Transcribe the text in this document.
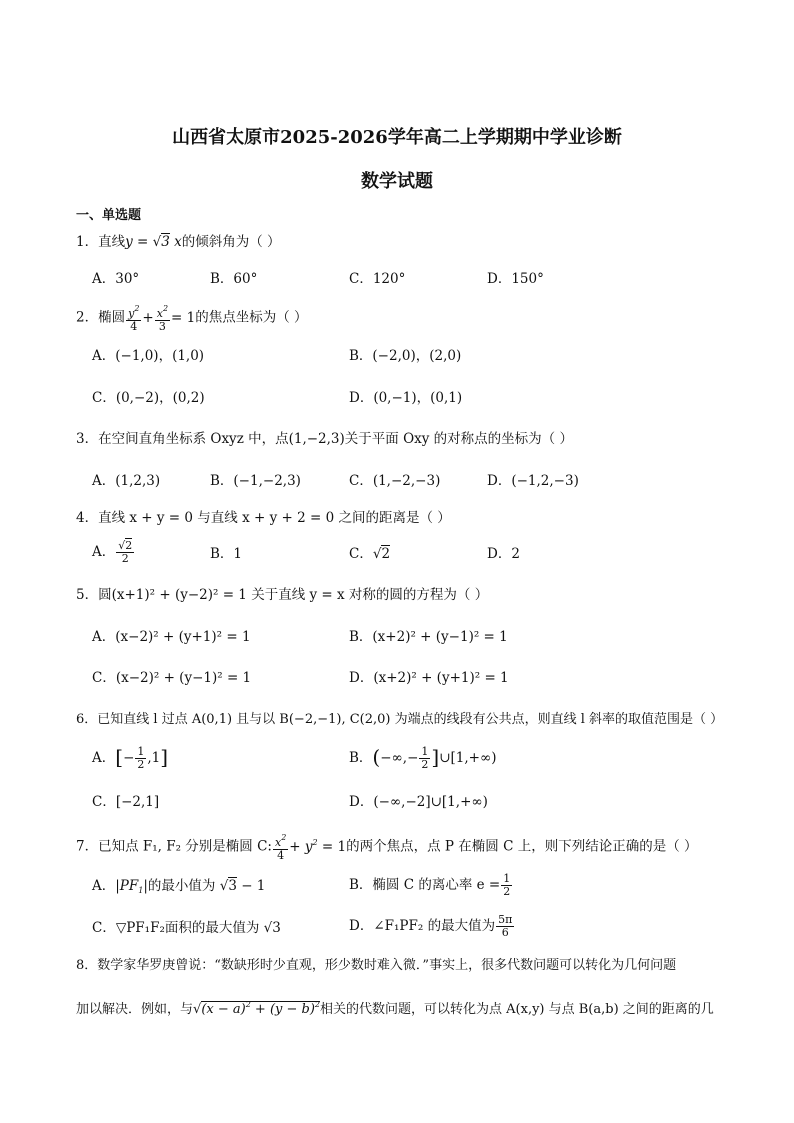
山西省太原市2025-2026学年高二上学期期中学业诊断
数学试题
一、单选题
1．直线y = √3 x的倾斜角为（ ）
A．30°	B．60°	C．120°	D．150°
2．椭圆 $\frac{y^2}{4} + \frac{x^2}{3} = 1$的焦点坐标为（ ）
A．(−1,0)，(1,0)	B．(−2,0)，(2,0)
C．(0,−2)，(0,2)	D．(0,−1)，(0,1)
3．在空间直角坐标系 Oxyz 中，点(1,−2,3)关于平面 Oxy 的对称点的坐标为（ ）
A．(1,2,3)	B．(−1,−2,3)	C．(1,−2,−3)	D．(−1,2,−3)
4．直线 x + y = 0 与直线 x + y + 2 = 0 之间的距离是（ ）
A． $\frac{√2}{2}$	B．1	C．√2	D．2
5．圆(x+1)² + (y−2)² = 1 关于直线 y = x 对称的圆的方程为（ ）
A．(x−2)² + (y+1)² = 1	B．(x+2)² + (y−1)² = 1
C．(x−2)² + (y−1)² = 1	D．(x+2)² + (y+1)² = 1
6．已知直线 l 过点 A(0,1) 且与以 B(−2,−1), C(2,0) 为端点的线段有公共点，则直线 l 斜率的取值范围是（ ）
A．[− $\frac{1}{2} ,1$]	B．(−∞,− $\frac{1}{2}$ ]∪[1,+∞)
C．[−2,1]	D．(−∞,−2]∪[1,+∞)
7．已知点 F₁, F₂ 分别是椭圆 C: $\frac{x^2}{4} + y^2 = 1$的两个焦点，点 P 在椭圆 C 上，则下列结论正确的是（ ）
A．$|PF_1|$的最小值为 √3 − 1	B．椭圆 C 的离心率 $e = \frac{1}{2}$
C．▽PF₁F₂面积的最大值为 √3	D．∠F₁PF₂ 的最大值为 $\frac{5\pi}{6}$
8．数学家华罗庚曾说：“数缺形时少直观，形少数时难入微．”事实上，很多代数问题可以转化为几何问题
加以解决．例如，与$√(x - a)^2 + (y - b)^2$相关的代数问题，可以转化为点 A(x,y) 与点 B(a,b) 之间的距离的几
